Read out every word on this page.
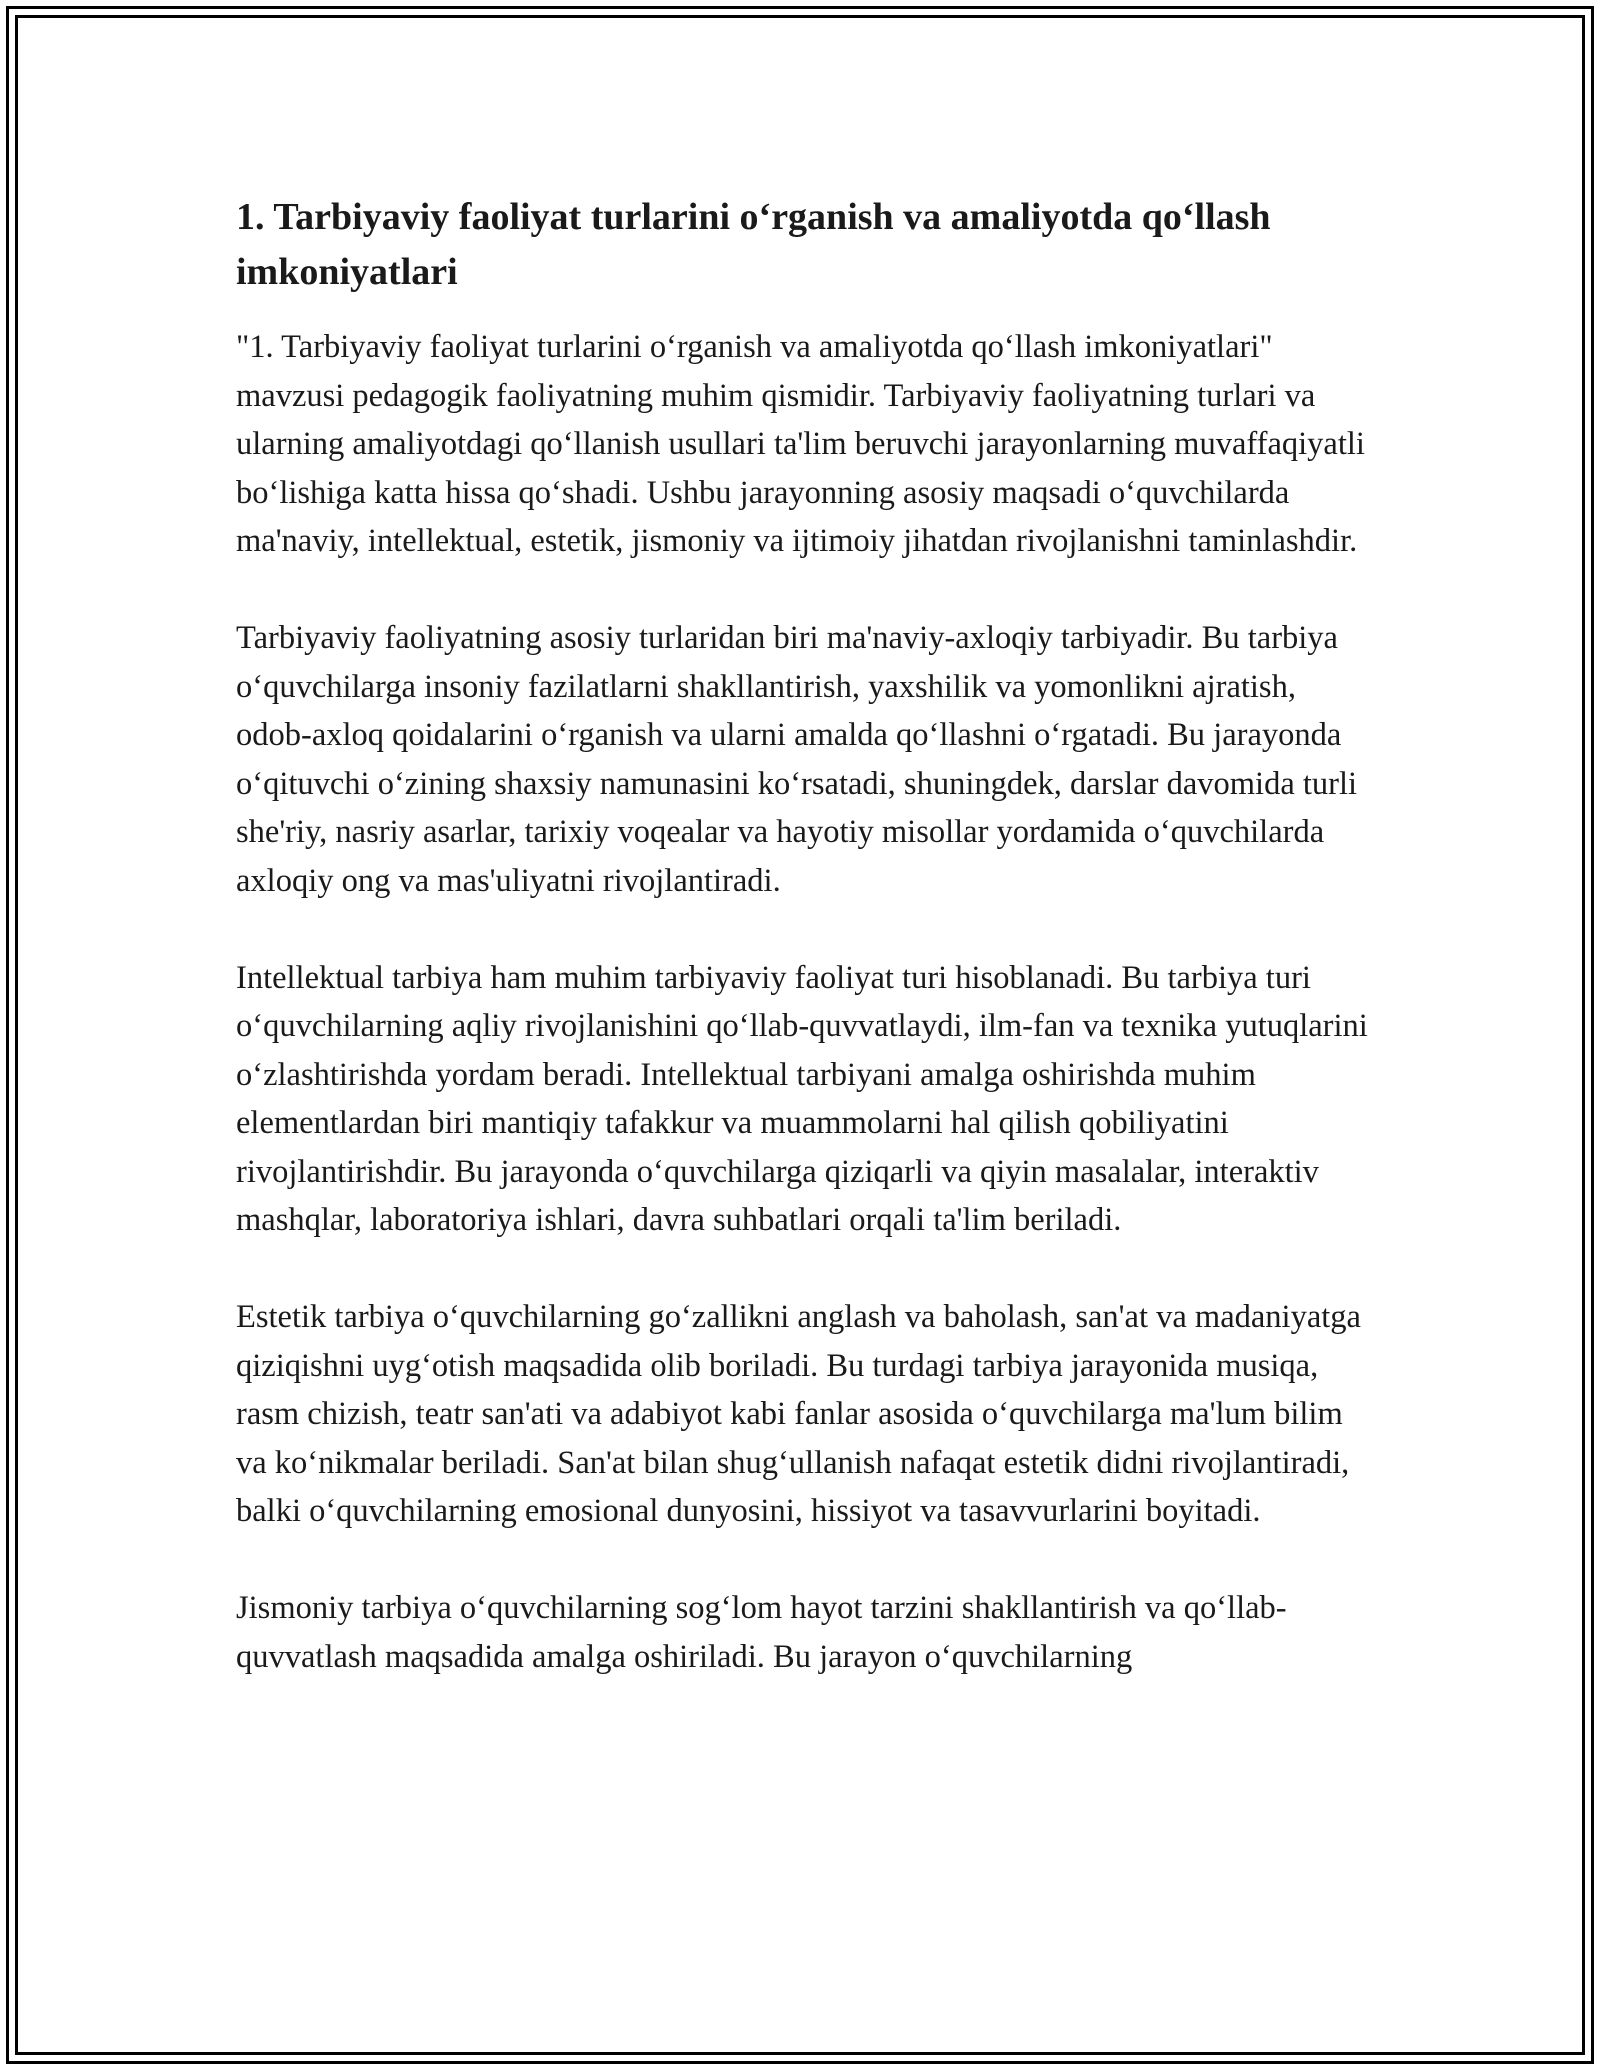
1. Tarbiyaviy faoliyat turlarini o‘rganish va amaliyotda qo‘llash imkoniyatlari

"1. Tarbiyaviy faoliyat turlarini o‘rganish va amaliyotda qo‘llash imkoniyatlari" mavzusi pedagogik faoliyatning muhim qismidir. Tarbiyaviy faoliyatning turlari va ularning amaliyotdagi qo‘llanish usullari ta'lim beruvchi jarayonlarning muvaffaqiyatli bo‘lishiga katta hissa qo‘shadi. Ushbu jarayonning asosiy maqsadi o‘quvchilarda ma'naviy, intellektual, estetik, jismoniy va ijtimoiy jihatdan rivojlanishni taminlashdir.

Tarbiyaviy faoliyatning asosiy turlaridan biri ma'naviy-axloqiy tarbiyadir. Bu tarbiya o‘quvchilarga insoniy fazilatlarni shakllantirish, yaxshilik va yomonlikni ajratish, odob-axloq qoidalarini o‘rganish va ularni amalda qo‘llashni o‘rgatadi. Bu jarayonda o‘qituvchi o‘zining shaxsiy namunasini ko‘rsatadi, shuningdek, darslar davomida turli she'riy, nasriy asarlar, tarixiy voqealar va hayotiy misollar yordamida o‘quvchilarda axloqiy ong va mas'uliyatni rivojlantiradi.

Intellektual tarbiya ham muhim tarbiyaviy faoliyat turi hisoblanadi. Bu tarbiya turi o‘quvchilarning aqliy rivojlanishini qo‘llab-quvvatlaydi, ilm-fan va texnika yutuqlarini o‘zlashtirishda yordam beradi. Intellektual tarbiyani amalga oshirishda muhim elementlardan biri mantiqiy tafakkur va muammolarni hal qilish qobiliyatini rivojlantirishdir. Bu jarayonda o‘quvchilarga qiziqarli va qiyin masalalar, interaktiv mashqlar, laboratoriya ishlari, davra suhbatlari orqali ta'lim beriladi.

Estetik tarbiya o‘quvchilarning go‘zallikni anglash va baholash, san'at va madaniyatga qiziqishni uyg‘otish maqsadida olib boriladi. Bu turdagi tarbiya jarayonida musiqa, rasm chizish, teatr san'ati va adabiyot kabi fanlar asosida o‘quvchilarga ma'lum bilim va ko‘nikmalar beriladi. San'at bilan shug‘ullanish nafaqat estetik didni rivojlantiradi, balki o‘quvchilarning emosional dunyosini, hissiyot va tasavvurlarini boyitadi.

Jismoniy tarbiya o‘quvchilarning sog‘lom hayot tarzini shakllantirish va qo‘llab-quvvatlash maqsadida amalga oshiriladi. Bu jarayon o‘quvchilarning
